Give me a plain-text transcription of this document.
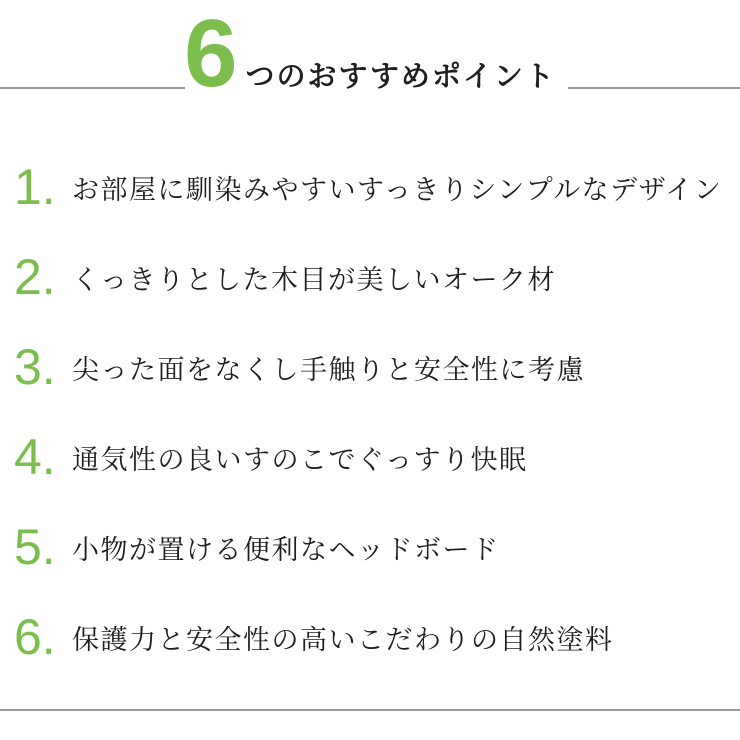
6 つのおすすめポイント
1. お部屋に馴染みやすいすっきりシンプルなデザイン
2. くっきりとした木目が美しいオーク材
3. 尖った面をなくし手触りと安全性に考慮
4. 通気性の良いすのこでぐっすり快眠
5. 小物が置ける便利なヘッドボード
6. 保護力と安全性の高いこだわりの自然塗料
